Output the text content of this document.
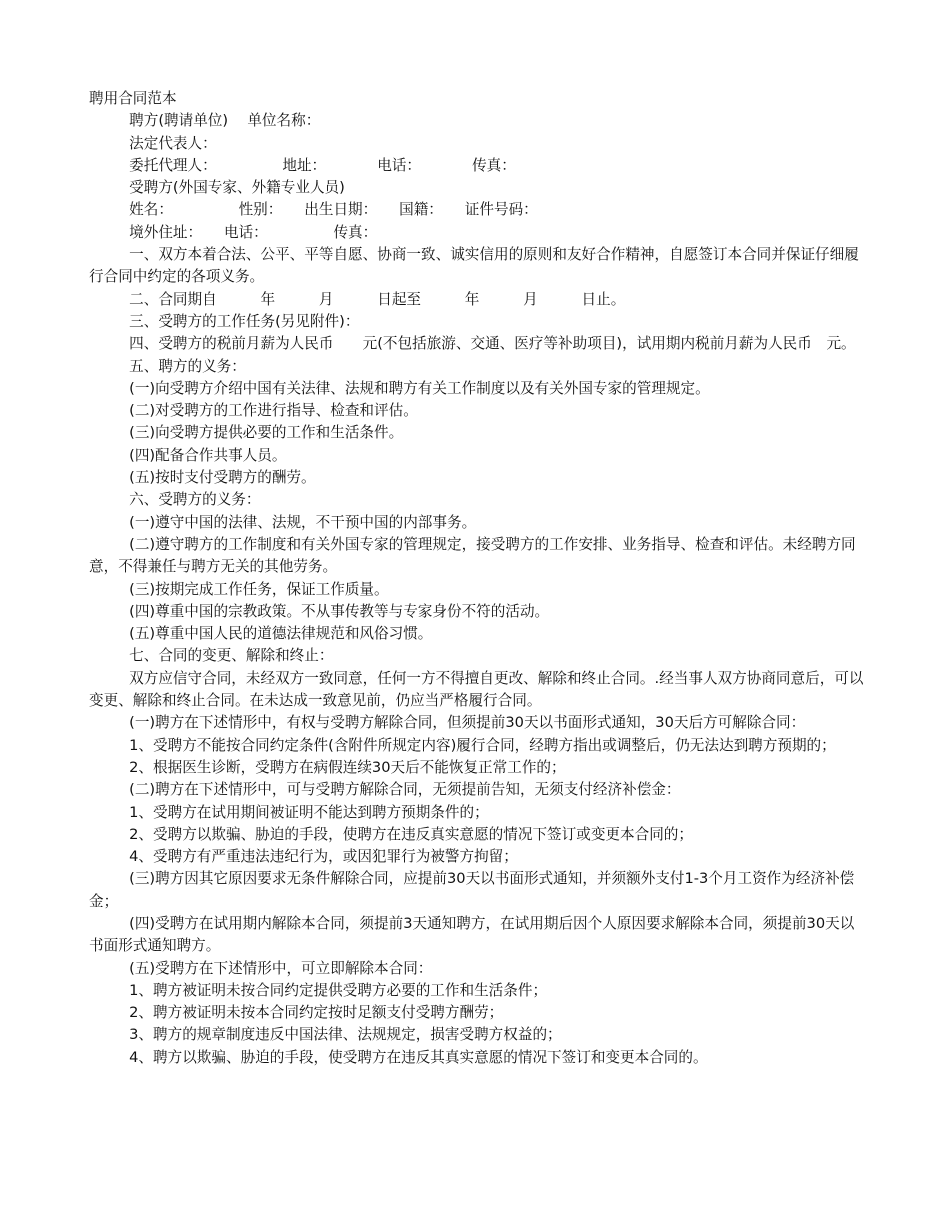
聘用合同范本

聘方(聘请单位)　 单位名称：

法定代表人：

委托代理人：　　　　　地址：　　　　电话：　　　　传真：

受聘方(外国专家、外籍专业人员)

姓名：　　　　　性别：　　出生日期：　　国籍：　　证件号码：

境外住址：　　电话：　　　　　传真：

一、双方本着合法、公平、平等自愿、协商一致、诚实信用的原则和友好合作精神，自愿签订本合同并保证仔细履行合同中约定的各项义务。

二、合同期自　　　年　　　月　　　日起至　　　年　　　月　　　日止。

三、受聘方的工作任务(另见附件)：

四、受聘方的税前月薪为人民币　　元(不包括旅游、交通、医疗等补助项目)，试用期内税前月薪为人民币　元。

五、聘方的义务：

(一)向受聘方介绍中国有关法律、法规和聘方有关工作制度以及有关外国专家的管理规定。

(二)对受聘方的工作进行指导、检查和评估。

(三)向受聘方提供必要的工作和生活条件。

(四)配备合作共事人员。

(五)按时支付受聘方的酬劳。

六、受聘方的义务：

(一)遵守中国的法律、法规，不干预中国的内部事务。

(二)遵守聘方的工作制度和有关外国专家的管理规定，接受聘方的工作安排、业务指导、检查和评估。未经聘方同意，不得兼任与聘方无关的其他劳务。

(三)按期完成工作任务，保证工作质量。

(四)尊重中国的宗教政策。不从事传教等与专家身份不符的活动。

(五)尊重中国人民的道德法律规范和风俗习惯。

七、合同的变更、解除和终止：

双方应信守合同，未经双方一致同意，任何一方不得擅自更改、解除和终止合同。.经当事人双方协商同意后，可以变更、解除和终止合同。在未达成一致意见前，仍应当严格履行合同。

(一)聘方在下述情形中，有权与受聘方解除合同，但须提前30天以书面形式通知，30天后方可解除合同：

1、受聘方不能按合同约定条件(含附件所规定内容)履行合同，经聘方指出或调整后，仍无法达到聘方预期的；

2、根据医生诊断，受聘方在病假连续30天后不能恢复正常工作的；

(二)聘方在下述情形中，可与受聘方解除合同，无须提前告知，无须支付经济补偿金：

1、受聘方在试用期间被证明不能达到聘方预期条件的；

2、受聘方以欺骗、胁迫的手段，使聘方在违反真实意愿的情况下签订或变更本合同的；

4、受聘方有严重违法违纪行为，或因犯罪行为被警方拘留；

(三)聘方因其它原因要求无条件解除合同，应提前30天以书面形式通知，并须额外支付1-3个月工资作为经济补偿金；

(四)受聘方在试用期内解除本合同，须提前3天通知聘方，在试用期后因个人原因要求解除本合同，须提前30天以书面形式通知聘方。

(五)受聘方在下述情形中，可立即解除本合同：

1、聘方被证明未按合同约定提供受聘方必要的工作和生活条件；

2、聘方被证明未按本合同约定按时足额支付受聘方酬劳；

3、聘方的规章制度违反中国法律、法规规定，损害受聘方权益的；

4、聘方以欺骗、胁迫的手段，使受聘方在违反其真实意愿的情况下签订和变更本合同的。
